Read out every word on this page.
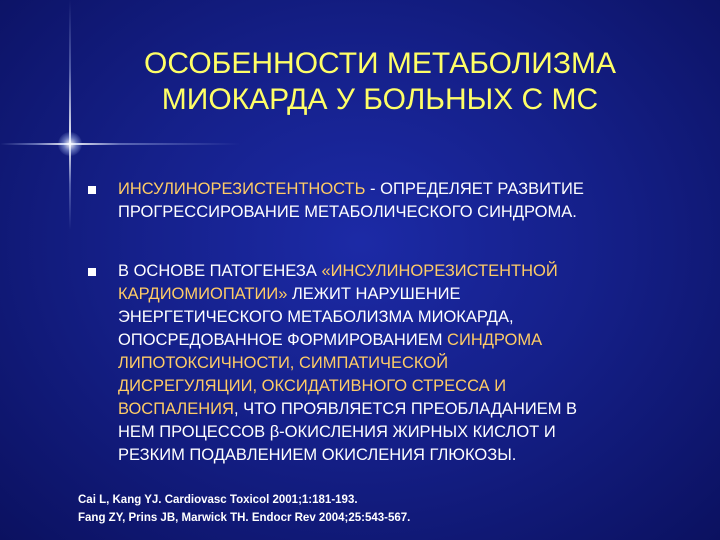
ОСОБЕННОСТИ МЕТАБОЛИЗМА
МИОКАРДА У БОЛЬНЫХ С МС
ИНСУЛИНОРЕЗИСТЕНТНОСТЬ - ОПРЕДЕЛЯЕТ РАЗВИТИЕ
ПРОГРЕССИРОВАНИЕ МЕТАБОЛИЧЕСКОГО СИНДРОМА.
В ОСНОВЕ ПАТОГЕНЕЗА «ИНСУЛИНОРЕЗИСТЕНТНОЙ
КАРДИОМИОПАТИИ» ЛЕЖИТ НАРУШЕНИЕ
ЭНЕРГЕТИЧЕСКОГО МЕТАБОЛИЗМА МИОКАРДА,
ОПОСРЕДОВАННОЕ ФОРМИРОВАНИЕМ СИНДРОМА
ЛИПОТОКСИЧНОСТИ, СИМПАТИЧЕСКОЙ
ДИСРЕГУЛЯЦИИ, ОКСИДАТИВНОГО СТРЕССА И
ВОСПАЛЕНИЯ, ЧТО ПРОЯВЛЯЕТСЯ ПРЕОБЛАДАНИЕМ В
НЕМ ПРОЦЕССОВ β-ОКИСЛЕНИЯ ЖИРНЫХ КИСЛОТ И
РЕЗКИМ ПОДАВЛЕНИЕМ ОКИСЛЕНИЯ ГЛЮКОЗЫ.
Cai L, Kang YJ. Cardiovasc Toxicol 2001;1:181-193.
Fang ZY, Prins JB, Marwick TH. Endocr Rev 2004;25:543-567.
